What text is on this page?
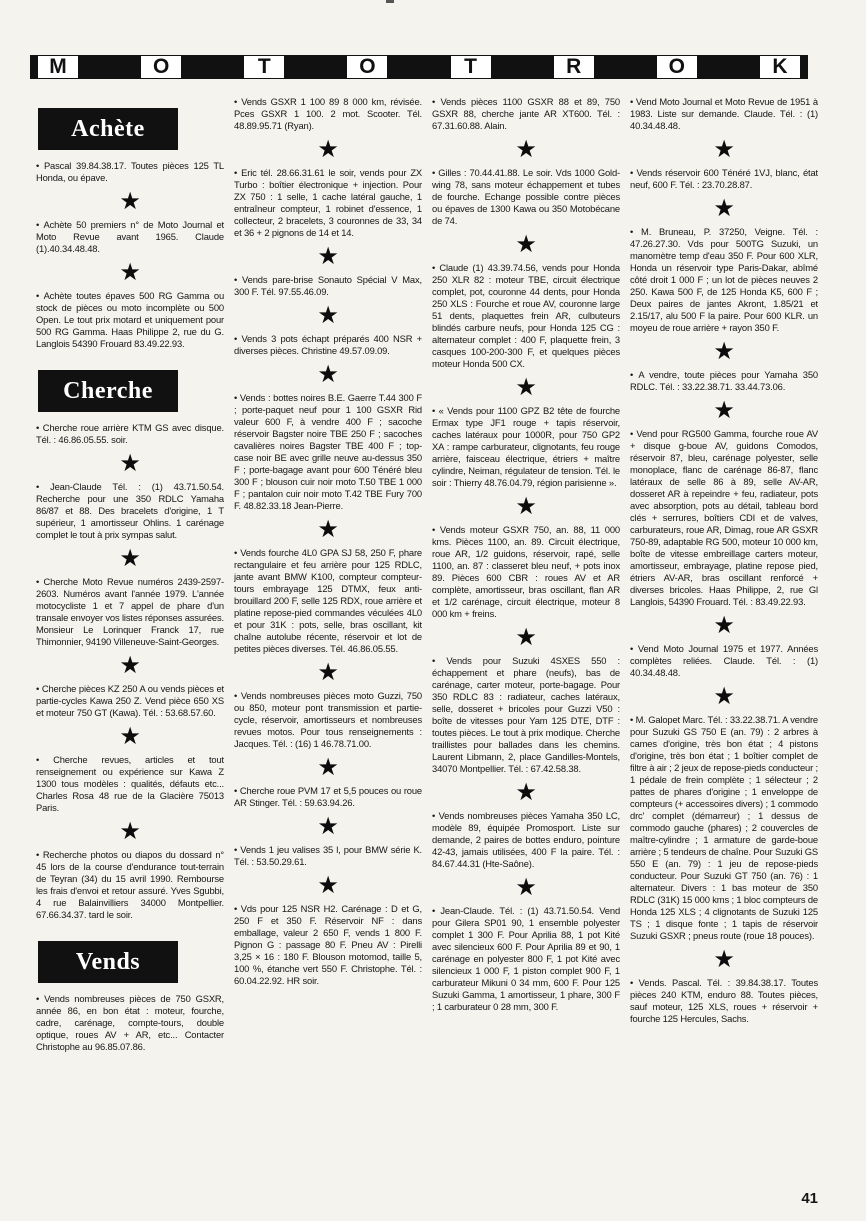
M	O	T	O	T	R	O	K
Achète

• Pascal 39.84.38.17. Toutes pièces 125 TL Honda, ou épave.

★

• Achète 50 premiers n° de Moto Journal et Moto Revue avant 1965. Claude (1).40.34.48.48.

★

• Achète toutes épaves 500 RG Gamma ou stock de pièces ou moto incomplète ou 500 Open. Le tout prix motard et uniquement pour 500 RG Gamma. Haas Philippe 2, rue du G. Langlois 54390 Frouard 83.49.22.93.

Cherche

• Cherche roue arrière KTM GS avec disque. Tél. : 46.86.05.55. soir.

★

• Jean-Claude Tél. : (1) 43.71.50.54. Recherche pour une 350 RDLC Yamaha 86/87 et 88. Des bracelets d'origine, 1 T supérieur, 1 amortisseur Ohlins. 1 carénage complet le tout à prix sympas salut.

★

• Cherche Moto Revue numéros 2439-2597-2603. Numéros avant l'année 1979. L'année motocycliste 1 et 7 appel de phare d'un transale envoyer vos listes réponses assurées. Monsieur Le Lorinquer Franck 17, rue Thimonnier, 94190 Villeneuve-Saint-Georges.

★

• Cherche pièces KZ 250 A ou vends pièces et partie-cycles Kawa 250 Z. Vend pièce 650 XS et moteur 750 GT (Kawa). Tél. : 53.68.57.60.

★

• Cherche revues, articles et tout renseignement ou expérience sur Kawa Z 1300 tous modèles : qualités, défauts etc... Charles Rosa 48 rue de la Glacière 75013 Paris.

★

• Recherche photos ou diapos du dossard n° 45 lors de la course d'endurance tout-terrain de Teyran (34) du 15 avril 1990. Rembourse les frais d'envoi et retour assuré. Yves Sgubbi, 4 rue Balainvilliers 34000 Montpellier. 67.66.34.37. tard le soir.

Vends

• Vends nombreuses pièces de 750 GSXR, année 86, en bon état : moteur, fourche, cadre, carénage, compte-tours, double optique, roues AV + AR, etc... Contacter Christophe au 96.85.07.86.

• Vends GSXR 1 100 89 8 000 km, révisée. Pces GSXR 1 100. 2 mot. Scooter. Tél. 48.89.95.71 (Ryan).

★

• Eric tél. 28.66.31.61 le soir, vends pour ZX Turbo : boîtier électronique + injection. Pour ZX 750 : 1 selle, 1 cache latéral gauche, 1 entraîneur compteur, 1 robinet d'essence, 1 collecteur, 2 bracelets, 3 couronnes de 33, 34 et 36 + 2 pignons de 14 et 14.

★

• Vends pare-brise Sonauto Spécial V Max, 300 F. Tél. 97.55.46.09.

★

• Vends 3 pots échapt préparés 400 NSR + diverses pièces. Christine 49.57.09.09.

★

• Vends : bottes noires B.E. Gaerre T.44 300 F ; porte-paquet neuf pour 1 100 GSXR Rid valeur 600 F, à vendre 400 F ; sacoche réservoir Bagster noire TBE 250 F ; sacoches cavalières noires Bagster TBE 400 F ; top-case noir BE avec grille neuve au-dessus 350 F ; porte-bagage avant pour 600 Ténéré bleu 300 F ; blouson cuir noir moto T.50 TBE 1 000 F ; pantalon cuir noir moto T.42 TBE Fury 700 F. 48.82.33.18 Jean-Pierre.

★

• Vends fourche 4L0 GPA SJ 58, 250 F, phare rectangulaire et feu arrière pour 125 RDLC, jante avant BMW K100, compteur compteur-tours embrayage 125 DTMX, feux anti-brouillard 200 F, selle 125 RDX, roue arrière et platine repose-pied commandes véculées 4L0 et pour 31K : pots, selle, bras oscillant, kit chaîne autolube récente, réservoir et lot de petites pièces diverses. Tél. 46.86.05.55.

★

• Vends nombreuses pièces moto Guzzi, 750 ou 850, moteur pont transmission et partie-cycle, réservoir, amortisseurs et nombreuses revues motos. Pour tous renseignements : Jacques. Tél. : (16) 1 46.78.71.00.

★

• Cherche roue PVM 17 et 5,5 pouces ou roue AR Stinger. Tél. : 59.63.94.26.

★

• Vends 1 jeu valises 35 l, pour BMW série K. Tél. : 53.50.29.61.

★

• Vds pour 125 NSR H2. Carénage : D et G, 250 F et 350 F. Réservoir NF : dans emballage, valeur 2 650 F, vends 1 800 F. Pignon G : passage 80 F. Pneu AV : Pirelli 3,25 × 16 : 180 F. Blouson motomod, taille 5, 100 %, étanche vert 550 F. Christophe. Tél. : 60.04.22.92. HR soir.

• Vends pièces 1100 GSXR 88 et 89, 750 GSXR 88, cherche jante AR XT600. Tél. : 67.31.60.88. Alain.

★

• Gilles : 70.44.41.88. Le soir. Vds 1000 Gold-wing 78, sans moteur échappement et tubes de fourche. Echange possible contre pièces ou épaves de 1300 Kawa ou 350 Motobécane de 74.

★

• Claude (1) 43.39.74.56, vends pour Honda 250 XLR 82 : moteur TBE, circuit électrique complet, pot, couronne 44 dents, pour Honda 250 XLS : Fourche et roue AV, couronne large 51 dents, plaquettes frein AR, culbuteurs blindés carbure neufs, pour Honda 125 CG : alternateur complet : 400 F, plaquette frein, 3 casques 100-200-300 F, et quelques pièces moteur Honda 500 CX.

★

• « Vends pour 1100 GPZ B2 tête de fourche Ermax type JF1 rouge + tapis réservoir, caches latéraux pour 1000R, pour 750 GP2 XA : rampe carburateur, clignotants, feu rouge arrière, faisceau électrique, étriers + maître cylindre, Neiman, régulateur de tension. Tél. le soir : Thierry 48.76.04.79, région parisienne ».

★

• Vends moteur GSXR 750, an. 88, 11 000 kms. Pièces 1100, an. 89. Circuit électrique, roue AR, 1/2 guidons, réservoir, rapé, selle 1100, an. 87 : classeret bleu neuf, + pots inox 89. Pièces 600 CBR : roues AV et AR complète, amortisseur, bras oscillant, flan AR et 1/2 carénage, circuit électrique, moteur 8 000 km + freins.

★

• Vends pour Suzuki 4SXES 550 : échappement et phare (neufs), bas de carénage, carter moteur, porte-bagage. Pour 350 RDLC 83 : radiateur, caches latéraux, selle, dosseret + bricoles pour Guzzi V50 : boîte de vitesses pour Yam 125 DTE, DTF : toutes pièces. Le tout à prix modique. Cherche traillistes pour ballades dans les chemins. Laurent Libmann, 2, place Gandilles-Montels, 34070 Montpellier. Tél. : 67.42.58.38.

★

• Vends nombreuses pièces Yamaha 350 LC, modèle 89, équipée Promosport. Liste sur demande, 2 paires de bottes enduro, pointure 42-43, jamais utilisées, 400 F la paire. Tél. : 84.67.44.31 (Hte-Saône).

★

• Jean-Claude. Tél. : (1) 43.71.50.54. Vend pour Gilera SP01 90, 1 ensemble polyester complet 1 300 F. Pour Aprilia 88, 1 pot Kité avec silencieux 600 F. Pour Aprilia 89 et 90, 1 carénage en polyester 800 F, 1 pot Kité avec silencieux 1 000 F, 1 piston complet 900 F, 1 carburateur Mikuni 0 34 mm, 600 F. Pour 125 Suzuki Gamma, 1 amortisseur, 1 phare, 300 F ; 1 carburateur 0 28 mm, 300 F.

• Vend Moto Journal et Moto Revue de 1951 à 1983. Liste sur demande. Claude. Tél. : (1) 40.34.48.48.

★

• Vends réservoir 600 Ténéré 1VJ, blanc, état neuf, 600 F. Tél. : 23.70.28.87.

★

• M. Bruneau, P. 37250, Veigne. Tél. : 47.26.27.30. Vds pour 500TG Suzuki, un manomètre temp d'eau 350 F. Pour 600 XLR, Honda un réservoir type Paris-Dakar, abîmé côté droit 1 000 F ; un lot de pièces neuves 2 250. Kawa 500 F, de 125 Honda K5, 600 F ; Deux paires de jantes Akront, 1.85/21 et 2.15/17, alu 500 F la paire. Pour 600 KLR. un moyeu de roue arrière + rayon 350 F.

★

• A vendre, toute pièces pour Yamaha 350 RDLC. Tél. : 33.22.38.71. 33.44.73.06.

★

• Vend pour RG500 Gamma, fourche roue AV + disque g-boue AV, guidons Comodos, réservoir 87, bleu, carénage polyester, selle monoplace, flanc de carénage 86-87, flanc latéraux de selle 86 à 89, selle AV-AR, dosseret AR à repeindre + feu, radiateur, pots avec absorption, pots au détail, tableau bord clés + serrures, boîtiers CDI et de valves, carburateurs, roue AR, Dimag, roue AR GSXR 750-89, adaptable RG 500, moteur 10 000 km, boîte de vitesse embreillage carters moteur, amortisseur, embrayage, platine repose pied, étriers AV-AR, bras oscillant renforcé + diverses bricoles. Haas Philippe, 2, rue Gl Langlois, 54390 Frouard. Tél. : 83.49.22.93.

★

• Vend Moto Journal 1975 et 1977. Années complètes reliées. Claude. Tél. : (1) 40.34.48.48.

★

• M. Galopet Marc. Tél. : 33.22.38.71. A vendre pour Suzuki GS 750 E (an. 79) : 2 arbres à cames d'origine, très bon état ; 4 pistons d'origine, très bon état ; 1 boîtier complet de filtre à air ; 2 jeux de repose-pieds conducteur ; 1 pédale de frein complète ; 1 sélecteur ; 2 pattes de phares d'origine ; 1 enveloppe de compteurs (+ accessoires divers) ; 1 commodo drc' complet (démarreur) ; 1 dessus de commodo gauche (phares) ; 2 couvercles de maître-cylindre ; 1 armature de garde-boue arrière ; 5 tendeurs de chaîne. Pour Suzuki GS 550 E (an. 79) : 1 jeu de repose-pieds conducteur. Pour Suzuki GT 750 (an. 76) : 1 alternateur. Divers : 1 bas moteur de 350 RDLC (31K) 15 000 kms ; 1 bloc compteurs de Honda 125 XLS ; 4 clignotants de Suzuki 125 TS ; 1 disque fonte ; 1 tapis de réservoir Suzuki GSXR ; pneus route (roue 18 pouces).

★

• Vends. Pascal. Tél. : 39.84.38.17. Toutes pièces 240 KTM, enduro 88. Toutes pièces, sauf moteur, 125 XLS, roues + réservoir + fourche 125 Hercules, Sachs.

41
